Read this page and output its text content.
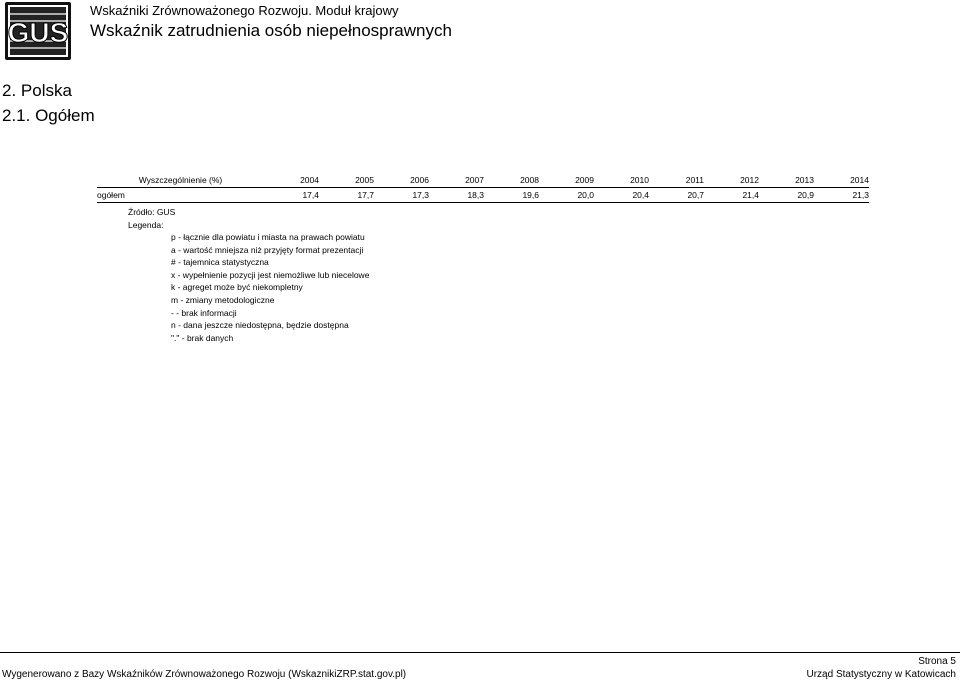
GUS
Wskaźniki Zrównoważonego Rozwoju. Moduł krajowy
Wskaźnik zatrudnienia osób niepełnosprawnych
2. Polska
2.1. Ogółem
Wyszczególnienie (%)	2004	2005	2006	2007	2008	2009	2010	2011	2012	2013	2014
ogółem	17,4	17,7	17,3	18,3	19,6	20,0	20,4	20,7	21,4	20,9	21,3
Źródło: GUS
Legenda:
p - łącznie dla powiatu i miasta na prawach powiatu
a - wartość mniejsza niż przyjęty format prezentacji
# - tajemnica statystyczna
x - wypełnienie pozycji jest niemożliwe lub niecelowe
k - agreget może być niekompletny
m - zmiany metodologiczne
- - brak informacji
n - dana jeszcze niedostępna, będzie dostępna
"." - brak danych
Strona 5
Wygenerowano z Bazy Wskaźników Zrównoważonego Rozwoju (WskaznikiZRP.stat.gov.pl)	Urząd Statystyczny w Katowicach
